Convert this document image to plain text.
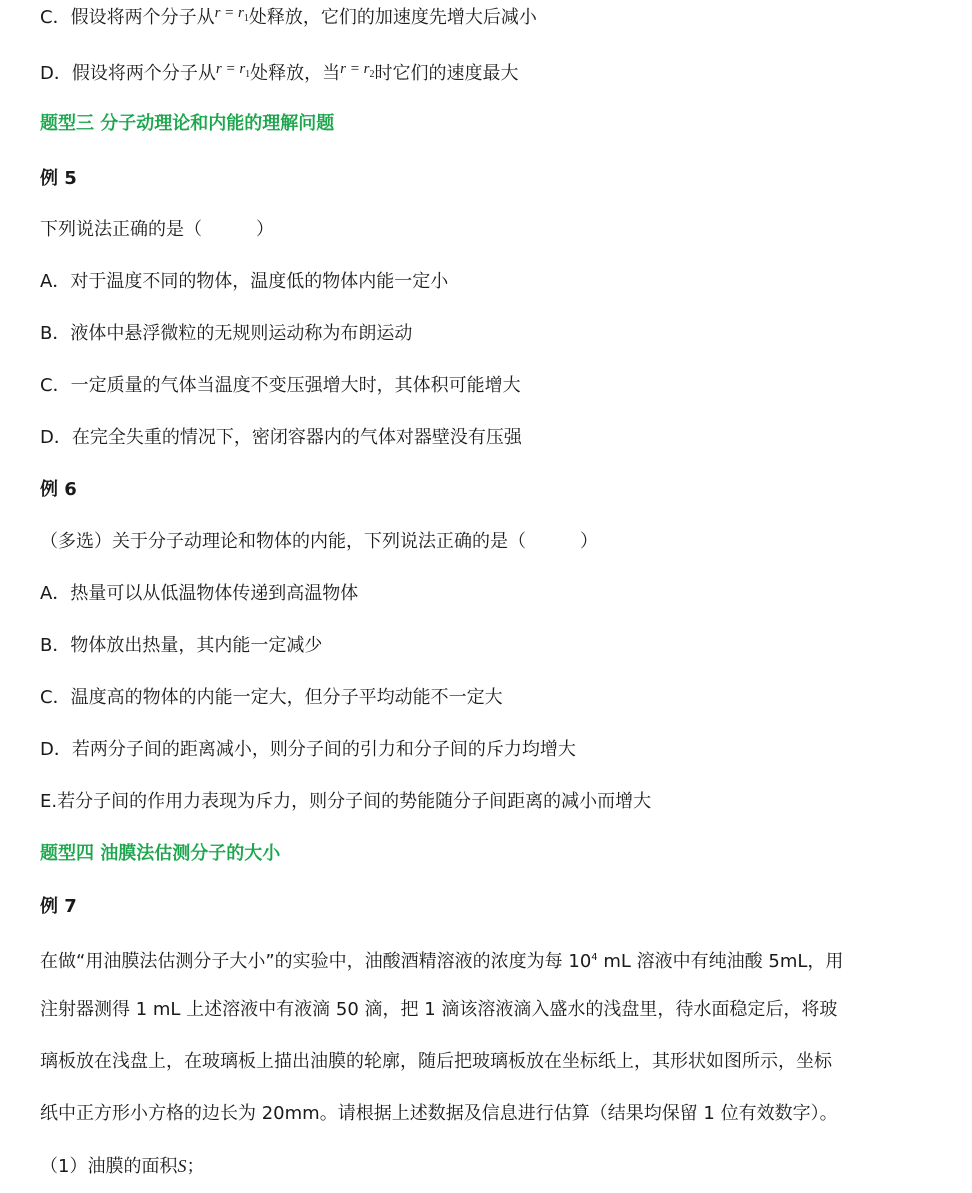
C．假设将两个分子从$^{r = r_1}$处释放，它们的加速度先增大后减小
D．假设将两个分子从$^{r = r_1}$处释放，当$^{r = r_2}$时它们的速度最大
题型三 分子动理论和内能的理解问题
例 5
下列说法正确的是（　　　）
A．对于温度不同的物体，温度低的物体内能一定小
B．液体中悬浮微粒的无规则运动称为布朗运动
C．一定质量的气体当温度不变压强增大时，其体积可能增大
D．在完全失重的情况下，密闭容器内的气体对器壁没有压强
例 6
（多选）关于分子动理论和物体的内能，下列说法正确的是（　　　）
A．热量可以从低温物体传递到高温物体
B．物体放出热量，其内能一定减少
C．温度高的物体的内能一定大，但分子平均动能不一定大
D．若两分子间的距离减小，则分子间的引力和分子间的斥力均增大
E.若分子间的作用力表现为斥力，则分子间的势能随分子间距离的减小而增大
题型四 油膜法估测分子的大小
例 7
在做“用油膜法估测分子大小”的实验中，油酸酒精溶液的浓度为每 $10^4$ mL 溶液中有纯油酸 5mL，用
注射器测得 1 mL 上述溶液中有液滴 50 滴，把 1 滴该溶液滴入盛水的浅盘里，待水面稳定后，将玻
璃板放在浅盘上，在玻璃板上描出油膜的轮廓，随后把玻璃板放在坐标纸上，其形状如图所示，坐标
纸中正方形小方格的边长为 20mm。请根据上述数据及信息进行估算（结果均保留 1 位有效数字）。
（1）油膜的面积S；
